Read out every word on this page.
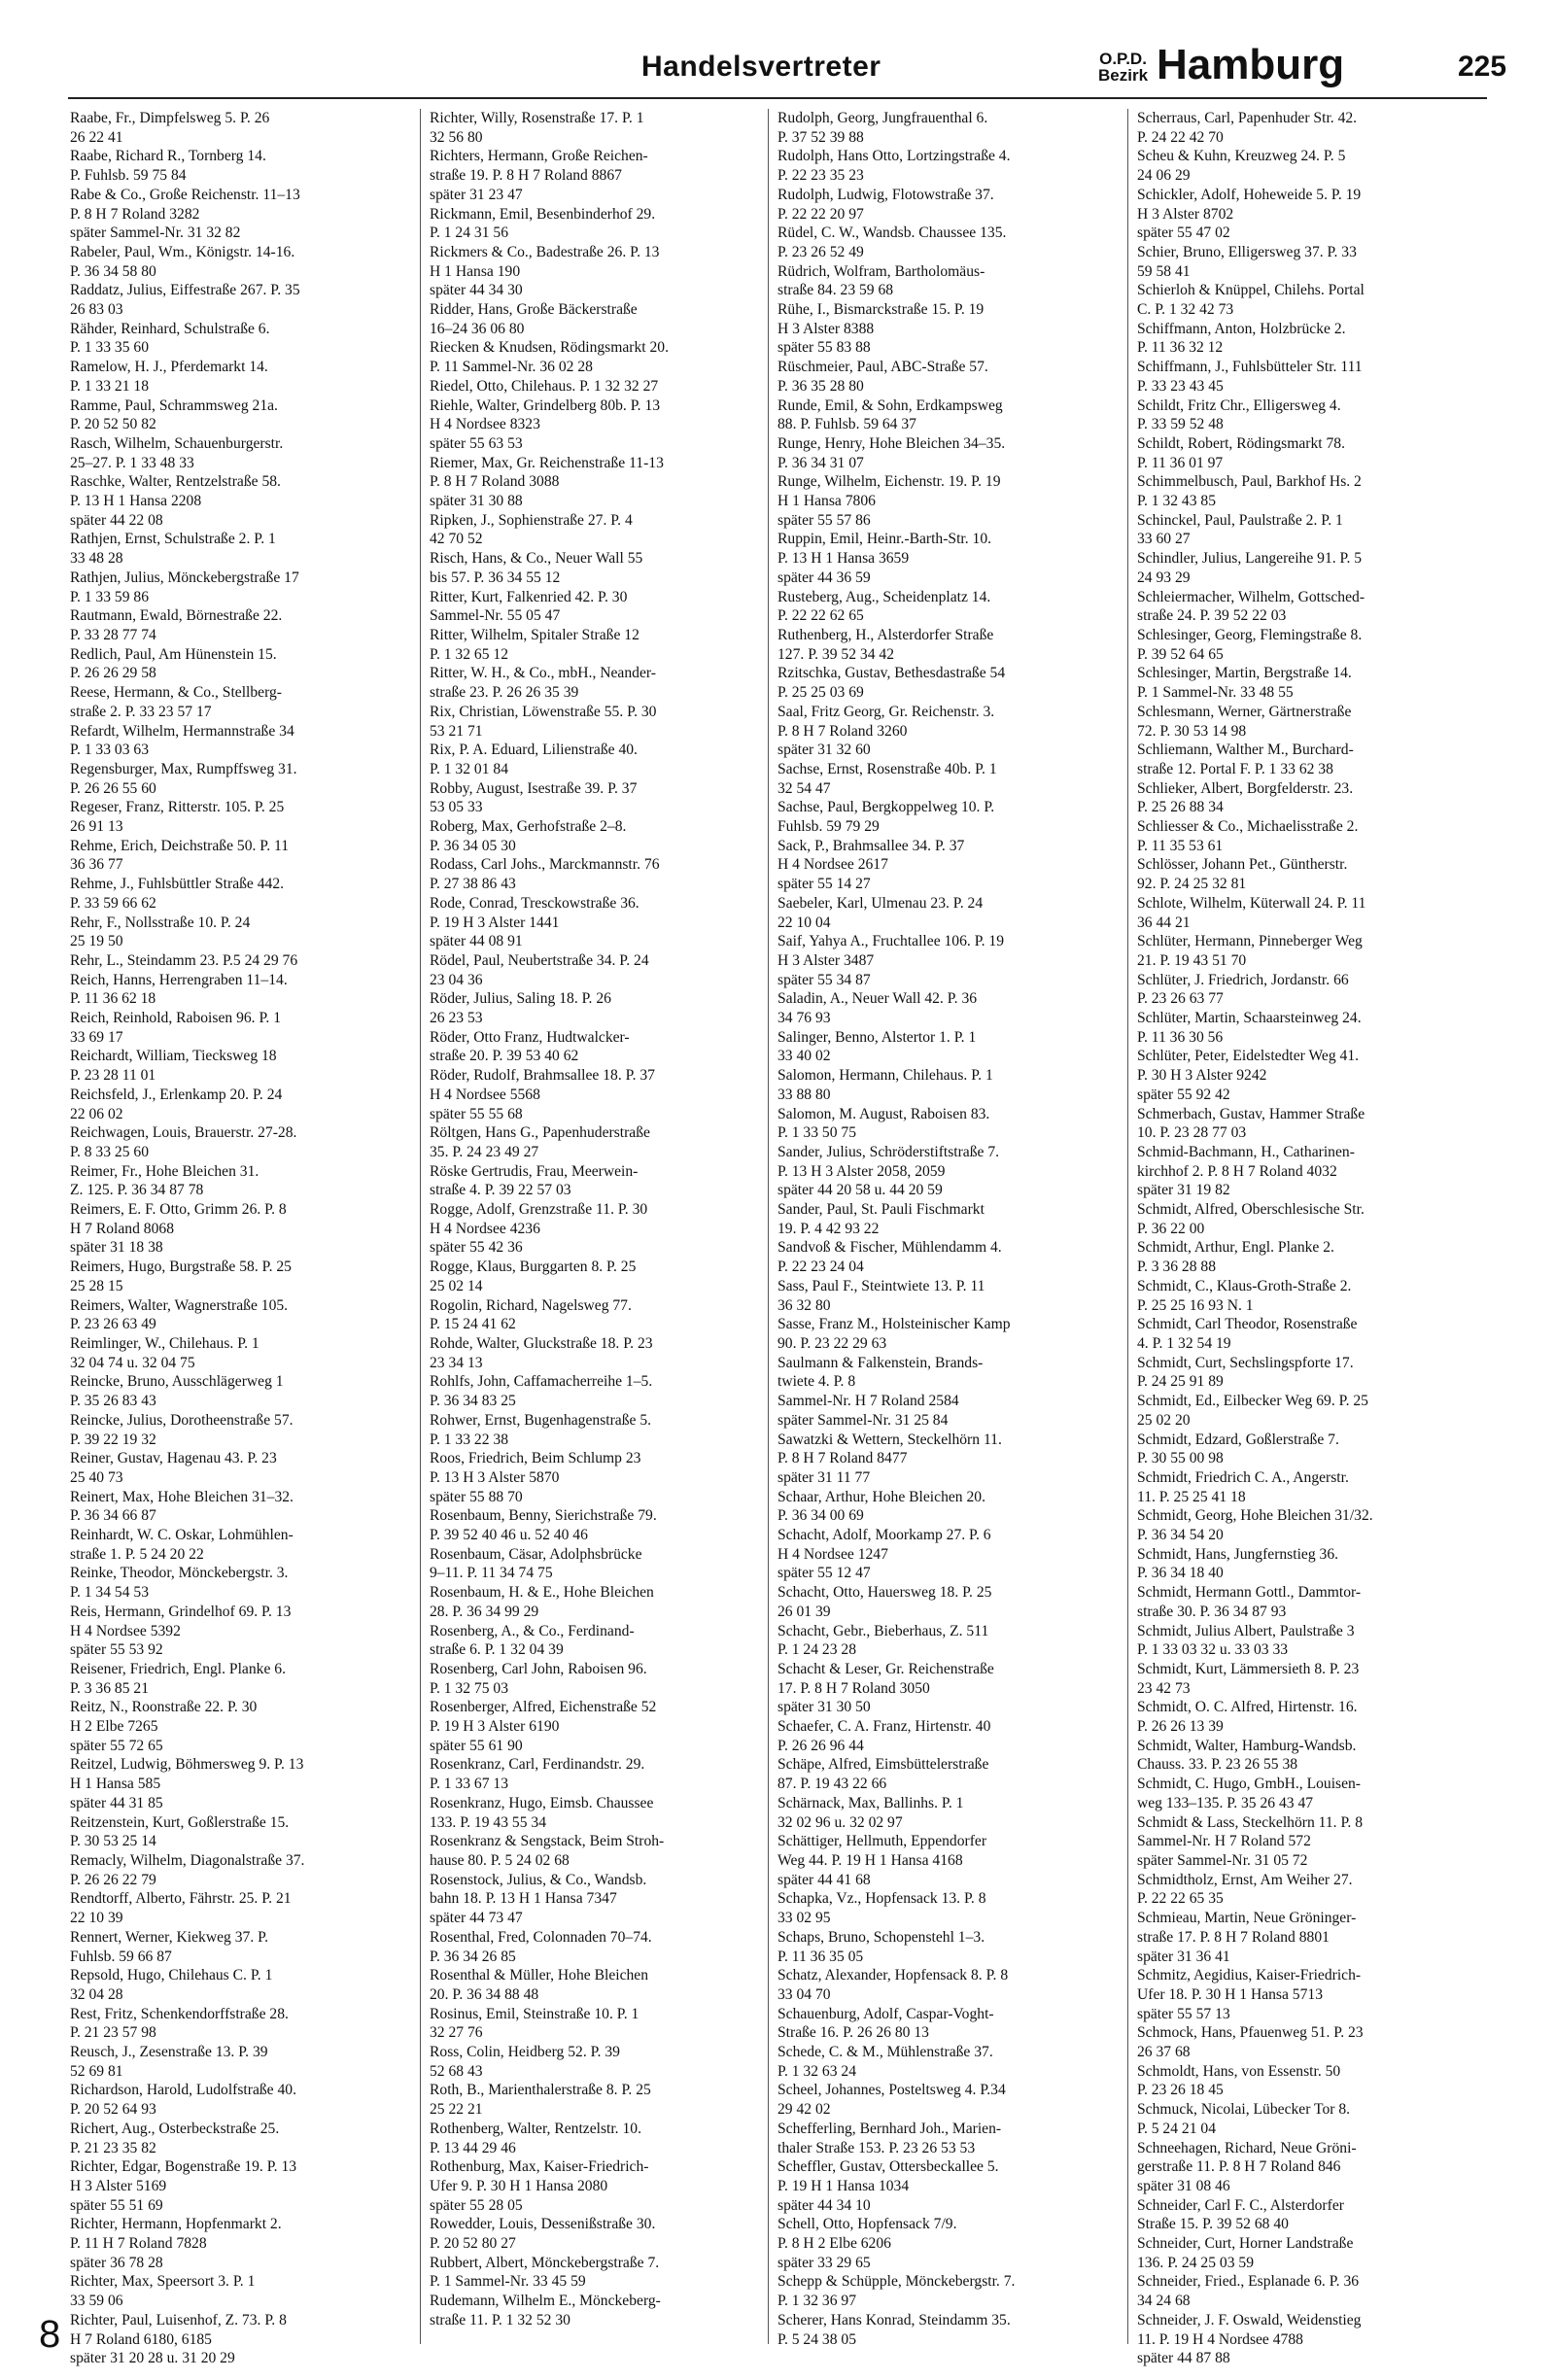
Handelsvertreter	O.P.D.
Bezirk Hamburg	225

Raabe, Fr., Dimpfelsweg 5. P. 26
26 22 41

Raabe, Richard R., Tornberg 14.
P. Fuhlsb. 59 75 84

Rabe & Co., Große Reichenstr. 11–13
P. 8 H 7 Roland 3282
später Sammel-Nr. 31 32 82

Rabeler, Paul, Wm., Königstr. 14-16.
P. 36 34 58 80

Raddatz, Julius, Eiffestraße 267. P. 35
26 83 03

Rähder, Reinhard, Schulstraße 6.
P. 1 33 35 60

Ramelow, H. J., Pferdemarkt 14.
P. 1 33 21 18

Ramme, Paul, Schrammsweg 21a.
P. 20 52 50 82

Rasch, Wilhelm, Schauenburgerstr.
25–27. P. 1 33 48 33

Raschke, Walter, Rentzelstraße 58.
P. 13 H 1 Hansa 2208
später 44 22 08

Rathjen, Ernst, Schulstraße 2. P. 1
33 48 28

Rathjen, Julius, Mönckebergstraße 17
P. 1 33 59 86

Rautmann, Ewald, Börnestraße 22.
P. 33 28 77 74

Redlich, Paul, Am Hünenstein 15.
P. 26 26 29 58

Reese, Hermann, & Co., Stellberg-
straße 2. P. 33 23 57 17

Refardt, Wilhelm, Hermannstraße 34
P. 1 33 03 63

Regensburger, Max, Rumpffsweg 31.
P. 26 26 55 60

Regeser, Franz, Ritterstr. 105. P. 25
26 91 13

Rehme, Erich, Deichstraße 50. P. 11
36 36 77

Rehme, J., Fuhlsbüttler Straße 442.
P. 33 59 66 62

Rehr, F., Nollsstraße 10. P. 24
25 19 50

Rehr, L., Steindamm 23. P.5 24 29 76

Reich, Hanns, Herrengraben 11–14.
P. 11 36 62 18

Reich, Reinhold, Raboisen 96. P. 1
33 69 17

Reichardt, William, Tiecksweg 18
P. 23 28 11 01

Reichsfeld, J., Erlenkamp 20. P. 24
22 06 02

Reichwagen, Louis, Brauerstr. 27-28.
P. 8 33 25 60

Reimer, Fr., Hohe Bleichen 31.
Z. 125. P. 36 34 87 78

Reimers, E. F. Otto, Grimm 26. P. 8
H 7 Roland 8068
später 31 18 38

Reimers, Hugo, Burgstraße 58. P. 25
25 28 15

Reimers, Walter, Wagnerstraße 105.
P. 23 26 63 49

Reimlinger, W., Chilehaus. P. 1
32 04 74 u. 32 04 75

Reincke, Bruno, Ausschlägerweg 1
P. 35 26 83 43

Reincke, Julius, Dorotheenstraße 57.
P. 39 22 19 32

Reiner, Gustav, Hagenau 43. P. 23
25 40 73

Reinert, Max, Hohe Bleichen 31–32.
P. 36 34 66 87

Reinhardt, W. C. Oskar, Lohmühlen-
straße 1. P. 5 24 20 22

Reinke, Theodor, Mönckebergstr. 3.
P. 1 34 54 53

Reis, Hermann, Grindelhof 69. P. 13
H 4 Nordsee 5392
später 55 53 92

Reisener, Friedrich, Engl. Planke 6.
P. 3 36 85 21

Reitz, N., Roonstraße 22. P. 30
H 2 Elbe 7265
später 55 72 65

Reitzel, Ludwig, Böhmersweg 9. P. 13
H 1 Hansa 585
später 44 31 85

Reitzenstein, Kurt, Goßlerstraße 15.
P. 30 53 25 14

Remacly, Wilhelm, Diagonalstraße 37.
P. 26 26 22 79

Rendtorff, Alberto, Fährstr. 25. P. 21
22 10 39

Rennert, Werner, Kiekweg 37. P.
Fuhlsb. 59 66 87

Repsold, Hugo, Chilehaus C. P. 1
32 04 28

Rest, Fritz, Schenkendorffstraße 28.
P. 21 23 57 98

Reusch, J., Zesenstraße 13. P. 39
52 69 81

Richardson, Harold, Ludolfstraße 40.
P. 20 52 64 93

Richert, Aug., Osterbeckstraße 25.
P. 21 23 35 82

Richter, Edgar, Bogenstraße 19. P. 13
H 3 Alster 5169
später 55 51 69

Richter, Hermann, Hopfenmarkt 2.
P. 11 H 7 Roland 7828
später 36 78 28

Richter, Max, Speersort 3. P. 1
33 59 06

Richter, Paul, Luisenhof, Z. 73. P. 8
H 7 Roland 6180, 6185
später 31 20 28 u. 31 20 29

Richter, Willy, Rosenstraße 17. P. 1
32 56 80

Richters, Hermann, Große Reichen-
straße 19. P. 8 H 7 Roland 8867
später 31 23 47

Rickmann, Emil, Besenbinderhof 29.
P. 1 24 31 56

Rickmers & Co., Badestraße 26. P. 13
H 1 Hansa 190
später 44 34 30

Ridder, Hans, Große Bäckerstraße
16–24 36 06 80

Riecken & Knudsen, Rödingsmarkt 20.
P. 11 Sammel-Nr. 36 02 28

Riedel, Otto, Chilehaus. P. 1 32 32 27

Riehle, Walter, Grindelberg 80b. P. 13
H 4 Nordsee 8323
später 55 63 53

Riemer, Max, Gr. Reichenstraße 11-13
P. 8 H 7 Roland 3088
später 31 30 88

Ripken, J., Sophienstraße 27. P. 4
42 70 52

Risch, Hans, & Co., Neuer Wall 55
bis 57. P. 36 34 55 12

Ritter, Kurt, Falkenried 42. P. 30
Sammel-Nr. 55 05 47

Ritter, Wilhelm, Spitaler Straße 12
P. 1 32 65 12

Ritter, W. H., & Co., mbH., Neander-
straße 23. P. 26 26 35 39

Rix, Christian, Löwenstraße 55. P. 30
53 21 71

Rix, P. A. Eduard, Lilienstraße 40.
P. 1 32 01 84

Robby, August, Isestraße 39. P. 37
53 05 33

Roberg, Max, Gerhofstraße 2–8.
P. 36 34 05 30

Rodass, Carl Johs., Marckmannstr. 76
P. 27 38 86 43

Rode, Conrad, Tresckowstraße 36.
P. 19 H 3 Alster 1441
später 44 08 91

Rödel, Paul, Neubertstraße 34. P. 24
23 04 36

Röder, Julius, Saling 18. P. 26
26 23 53

Röder, Otto Franz, Hudtwalcker-
straße 20. P. 39 53 40 62

Röder, Rudolf, Brahmsallee 18. P. 37
H 4 Nordsee 5568
später 55 55 68

Röltgen, Hans G., Papenhuderstraße
35. P. 24 23 49 27

Röske Gertrudis, Frau, Meerwein-
straße 4. P. 39 22 57 03

Rogge, Adolf, Grenzstraße 11. P. 30
H 4 Nordsee 4236
später 55 42 36

Rogge, Klaus, Burggarten 8. P. 25
25 02 14

Rogolin, Richard, Nagelsweg 77.
P. 15 24 41 62

Rohde, Walter, Gluckstraße 18. P. 23
23 34 13

Rohlfs, John, Caffamacherreihe 1–5.
P. 36 34 83 25

Rohwer, Ernst, Bugenhagenstraße 5.
P. 1 33 22 38

Roos, Friedrich, Beim Schlump 23
P. 13 H 3 Alster 5870
später 55 88 70

Rosenbaum, Benny, Sierichstraße 79.
P. 39 52 40 46 u. 52 40 46

Rosenbaum, Cäsar, Adolphsbrücke
9–11. P. 11 34 74 75

Rosenbaum, H. & E., Hohe Bleichen
28. P. 36 34 99 29

Rosenberg, A., & Co., Ferdinand-
straße 6. P. 1 32 04 39

Rosenberg, Carl John, Raboisen 96.
P. 1 32 75 03

Rosenberger, Alfred, Eichenstraße 52
P. 19 H 3 Alster 6190
später 55 61 90

Rosenkranz, Carl, Ferdinandstr. 29.
P. 1 33 67 13

Rosenkranz, Hugo, Eimsb. Chaussee
133. P. 19 43 55 34

Rosenkranz & Sengstack, Beim Stroh-
hause 80. P. 5 24 02 68

Rosenstock, Julius, & Co., Wandsb.
bahn 18. P. 13 H 1 Hansa 7347
später 44 73 47

Rosenthal, Fred, Colonnaden 70–74.
P. 36 34 26 85

Rosenthal & Müller, Hohe Bleichen
20. P. 36 34 88 48

Rosinus, Emil, Steinstraße 10. P. 1
32 27 76

Ross, Colin, Heidberg 52. P. 39
52 68 43

Roth, B., Marienthalerstraße 8. P. 25
25 22 21

Rothenberg, Walter, Rentzelstr. 10.
P. 13 44 29 46

Rothenburg, Max, Kaiser-Friedrich-
Ufer 9. P. 30 H 1 Hansa 2080
später 55 28 05

Rowedder, Louis, Dessenißstraße 30.
P. 20 52 80 27

Rubbert, Albert, Mönckebergstraße 7.
P. 1 Sammel-Nr. 33 45 59

Rudemann, Wilhelm E., Mönckeberg-
straße 11. P. 1 32 52 30

Rudolph, Georg, Jungfrauenthal 6.
P. 37 52 39 88

Rudolph, Hans Otto, Lortzingstraße 4.
P. 22 23 35 23

Rudolph, Ludwig, Flotowstraße 37.
P. 22 22 20 97

Rüdel, C. W., Wandsb. Chaussee 135.
P. 23 26 52 49

Rüdrich, Wolfram, Bartholomäus-
straße 84. 23 59 68

Rühe, I., Bismarckstraße 15. P. 19
H 3 Alster 8388
später 55 83 88

Rüschmeier, Paul, ABC-Straße 57.
P. 36 35 28 80

Runde, Emil, & Sohn, Erdkampsweg
88. P. Fuhlsb. 59 64 37

Runge, Henry, Hohe Bleichen 34–35.
P. 36 34 31 07

Runge, Wilhelm, Eichenstr. 19. P. 19
H 1 Hansa 7806
später 55 57 86

Ruppin, Emil, Heinr.-Barth-Str. 10.
P. 13 H 1 Hansa 3659
später 44 36 59

Rusteberg, Aug., Scheidenplatz 14.
P. 22 22 62 65

Ruthenberg, H., Alsterdorfer Straße
127. P. 39 52 34 42

Rzitschka, Gustav, Bethesdastraße 54
P. 25 25 03 69

Saal, Fritz Georg, Gr. Reichenstr. 3.
P. 8 H 7 Roland 3260
später 31 32 60

Sachse, Ernst, Rosenstraße 40b. P. 1
32 54 47

Sachse, Paul, Bergkoppelweg 10. P.
Fuhlsb. 59 79 29

Sack, P., Brahmsallee 34. P. 37
H 4 Nordsee 2617
später 55 14 27

Saebeler, Karl, Ulmenau 23. P. 24
22 10 04

Saif, Yahya A., Fruchtallee 106. P. 19
H 3 Alster 3487
später 55 34 87

Saladin, A., Neuer Wall 42. P. 36
34 76 93

Salinger, Benno, Alstertor 1. P. 1
33 40 02

Salomon, Hermann, Chilehaus. P. 1
33 88 80

Salomon, M. August, Raboisen 83.
P. 1 33 50 75

Sander, Julius, Schröderstiftstraße 7.
P. 13 H 3 Alster 2058, 2059
später 44 20 58 u. 44 20 59

Sander, Paul, St. Pauli Fischmarkt
19. P. 4 42 93 22

Sandvoß & Fischer, Mühlendamm 4.
P. 22 23 24 04

Sass, Paul F., Steintwiete 13. P. 11
36 32 80

Sasse, Franz M., Holsteinischer Kamp
90. P. 23 22 29 63

Saulmann & Falkenstein, Brands-
twiete 4. P. 8
Sammel-Nr. H 7 Roland 2584
später Sammel-Nr. 31 25 84

Sawatzki & Wettern, Steckelhörn 11.
P. 8 H 7 Roland 8477
später 31 11 77

Schaar, Arthur, Hohe Bleichen 20.
P. 36 34 00 69

Schacht, Adolf, Moorkamp 27. P. 6
H 4 Nordsee 1247
später 55 12 47

Schacht, Otto, Hauersweg 18. P. 25
26 01 39

Schacht, Gebr., Bieberhaus, Z. 511
P. 1 24 23 28

Schacht & Leser, Gr. Reichenstraße
17. P. 8 H 7 Roland 3050
später 31 30 50

Schaefer, C. A. Franz, Hirtenstr. 40
P. 26 26 96 44

Schäpe, Alfred, Eimsbüttelerstraße
87. P. 19 43 22 66

Schärnack, Max, Ballinhs. P. 1
32 02 96 u. 32 02 97

Schättiger, Hellmuth, Eppendorfer
Weg 44. P. 19 H 1 Hansa 4168
später 44 41 68

Schapka, Vz., Hopfensack 13. P. 8
33 02 95

Schaps, Bruno, Schopenstehl 1–3.
P. 11 36 35 05

Schatz, Alexander, Hopfensack 8. P. 8
33 04 70

Schauenburg, Adolf, Caspar-Voght-
Straße 16. P. 26 26 80 13

Schede, C. & M., Mühlenstraße 37.
P. 1 32 63 24

Scheel, Johannes, Posteltsweg 4. P.34
29 42 02

Schefferling, Bernhard Joh., Marien-
thaler Straße 153. P. 23 26 53 53

Scheffler, Gustav, Ottersbeckallee 5.
P. 19 H 1 Hansa 1034
später 44 34 10

Schell, Otto, Hopfensack 7/9.
P. 8 H 2 Elbe 6206
später 33 29 65

Schepp & Schüpple, Mönckebergstr. 7.
P. 1 32 36 97

Scherer, Hans Konrad, Steindamm 35.
P. 5 24 38 05

Scherraus, Carl, Papenhuder Str. 42.
P. 24 22 42 70

Scheu & Kuhn, Kreuzweg 24. P. 5
24 06 29

Schickler, Adolf, Hoheweide 5. P. 19
H 3 Alster 8702
später 55 47 02

Schier, Bruno, Elligersweg 37. P. 33
59 58 41

Schierloh & Knüppel, Chilehs. Portal
C. P. 1 32 42 73

Schiffmann, Anton, Holzbrücke 2.
P. 11 36 32 12

Schiffmann, J., Fuhlsbütteler Str. 111
P. 33 23 43 45

Schildt, Fritz Chr., Elligersweg 4.
P. 33 59 52 48

Schildt, Robert, Rödingsmarkt 78.
P. 11 36 01 97

Schimmelbusch, Paul, Barkhof Hs. 2
P. 1 32 43 85

Schinckel, Paul, Paulstraße 2. P. 1
33 60 27

Schindler, Julius, Langereihe 91. P. 5
24 93 29

Schleiermacher, Wilhelm, Gottsched-
straße 24. P. 39 52 22 03

Schlesinger, Georg, Flemingstraße 8.
P. 39 52 64 65

Schlesinger, Martin, Bergstraße 14.
P. 1 Sammel-Nr. 33 48 55

Schlesmann, Werner, Gärtnerstraße
72. P. 30 53 14 98

Schliemann, Walther M., Burchard-
straße 12. Portal F. P. 1 33 62 38

Schlieker, Albert, Borgfelderstr. 23.
P. 25 26 88 34

Schliesser & Co., Michaelisstraße 2.
P. 11 35 53 61

Schlösser, Johann Pet., Güntherstr.
92. P. 24 25 32 81

Schlote, Wilhelm, Küterwall 24. P. 11
36 44 21

Schlüter, Hermann, Pinneberger Weg
21. P. 19 43 51 70

Schlüter, J. Friedrich, Jordanstr. 66
P. 23 26 63 77

Schlüter, Martin, Schaarsteinweg 24.
P. 11 36 30 56

Schlüter, Peter, Eidelstedter Weg 41.
P. 30 H 3 Alster 9242
später 55 92 42

Schmerbach, Gustav, Hammer Straße
10. P. 23 28 77 03

Schmid-Bachmann, H., Catharinen-
kirchhof 2. P. 8 H 7 Roland 4032
später 31 19 82

Schmidt, Alfred, Oberschlesische Str.
P. 36 22 00

Schmidt, Arthur, Engl. Planke 2.
P. 3 36 28 88

Schmidt, C., Klaus-Groth-Straße 2.
P. 25 25 16 93 N. 1

Schmidt, Carl Theodor, Rosenstraße
4. P. 1 32 54 19

Schmidt, Curt, Sechslingspforte 17.
P. 24 25 91 89

Schmidt, Ed., Eilbecker Weg 69. P. 25
25 02 20

Schmidt, Edzard, Goßlerstraße 7.
P. 30 55 00 98

Schmidt, Friedrich C. A., Angerstr.
11. P. 25 25 41 18

Schmidt, Georg, Hohe Bleichen 31/32.
P. 36 34 54 20

Schmidt, Hans, Jungfernstieg 36.
P. 36 34 18 40

Schmidt, Hermann Gottl., Dammtor-
straße 30. P. 36 34 87 93

Schmidt, Julius Albert, Paulstraße 3
P. 1 33 03 32 u. 33 03 33

Schmidt, Kurt, Lämmersieth 8. P. 23
23 42 73

Schmidt, O. C. Alfred, Hirtenstr. 16.
P. 26 26 13 39

Schmidt, Walter, Hamburg-Wandsb.
Chauss. 33. P. 23 26 55 38

Schmidt, C. Hugo, GmbH., Louisen-
weg 133–135. P. 35 26 43 47

Schmidt & Lass, Steckelhörn 11. P. 8
Sammel-Nr. H 7 Roland 572
später Sammel-Nr. 31 05 72

Schmidtholz, Ernst, Am Weiher 27.
P. 22 22 65 35

Schmieau, Martin, Neue Gröninger-
straße 17. P. 8 H 7 Roland 8801
später 31 36 41

Schmitz, Aegidius, Kaiser-Friedrich-
Ufer 18. P. 30 H 1 Hansa 5713
später 55 57 13

Schmock, Hans, Pfauenweg 51. P. 23
26 37 68

Schmoldt, Hans, von Essenstr. 50
P. 23 26 18 45

Schmuck, Nicolai, Lübecker Tor 8.
P. 5 24 21 04

Schneehagen, Richard, Neue Gröni-
gerstraße 11. P. 8 H 7 Roland 846
später 31 08 46

Schneider, Carl F. C., Alsterdorfer
Straße 15. P. 39 52 68 40

Schneider, Curt, Horner Landstraße
136. P. 24 25 03 59

Schneider, Fried., Esplanade 6. P. 36
34 24 68

Schneider, J. F. Oswald, Weidenstieg
11. P. 19 H 4 Nordsee 4788
später 44 87 88

8
